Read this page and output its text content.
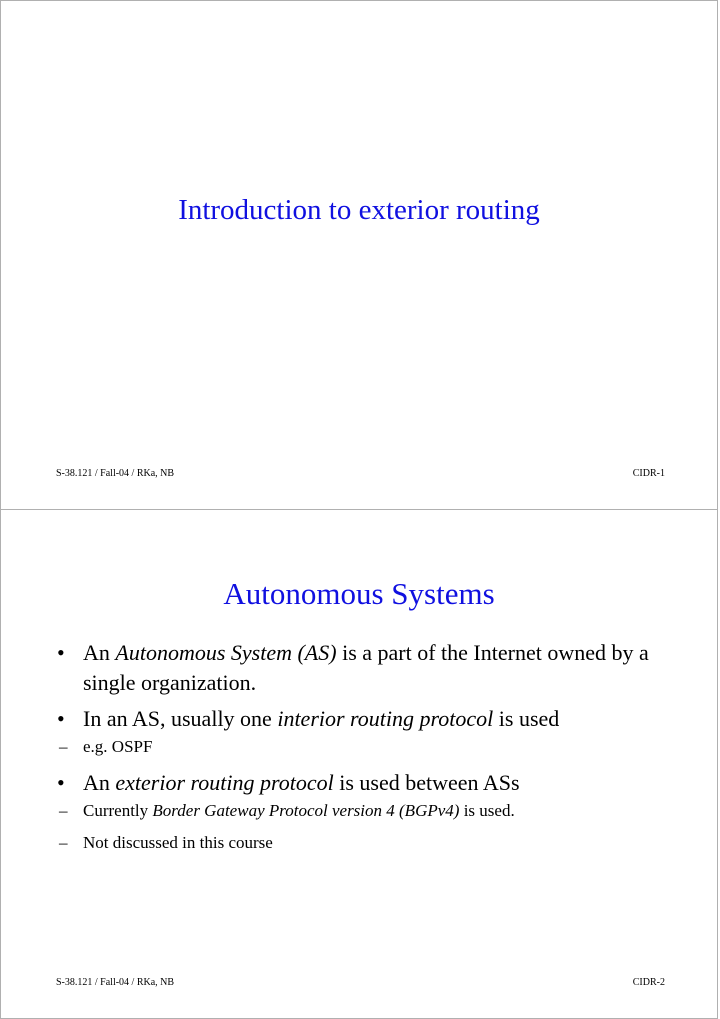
Introduction to exterior routing
S-38.121 / Fall-04 / RKa, NB	CIDR-1
Autonomous Systems
• An Autonomous System (AS) is a part of the Internet owned by a single organization.
• In an AS, usually one interior routing protocol is used
– e.g. OSPF
• An exterior routing protocol is used between ASs
– Currently Border Gateway Protocol version 4 (BGPv4) is used.
– Not discussed in this course
S-38.121 / Fall-04 / RKa, NB	CIDR-2
